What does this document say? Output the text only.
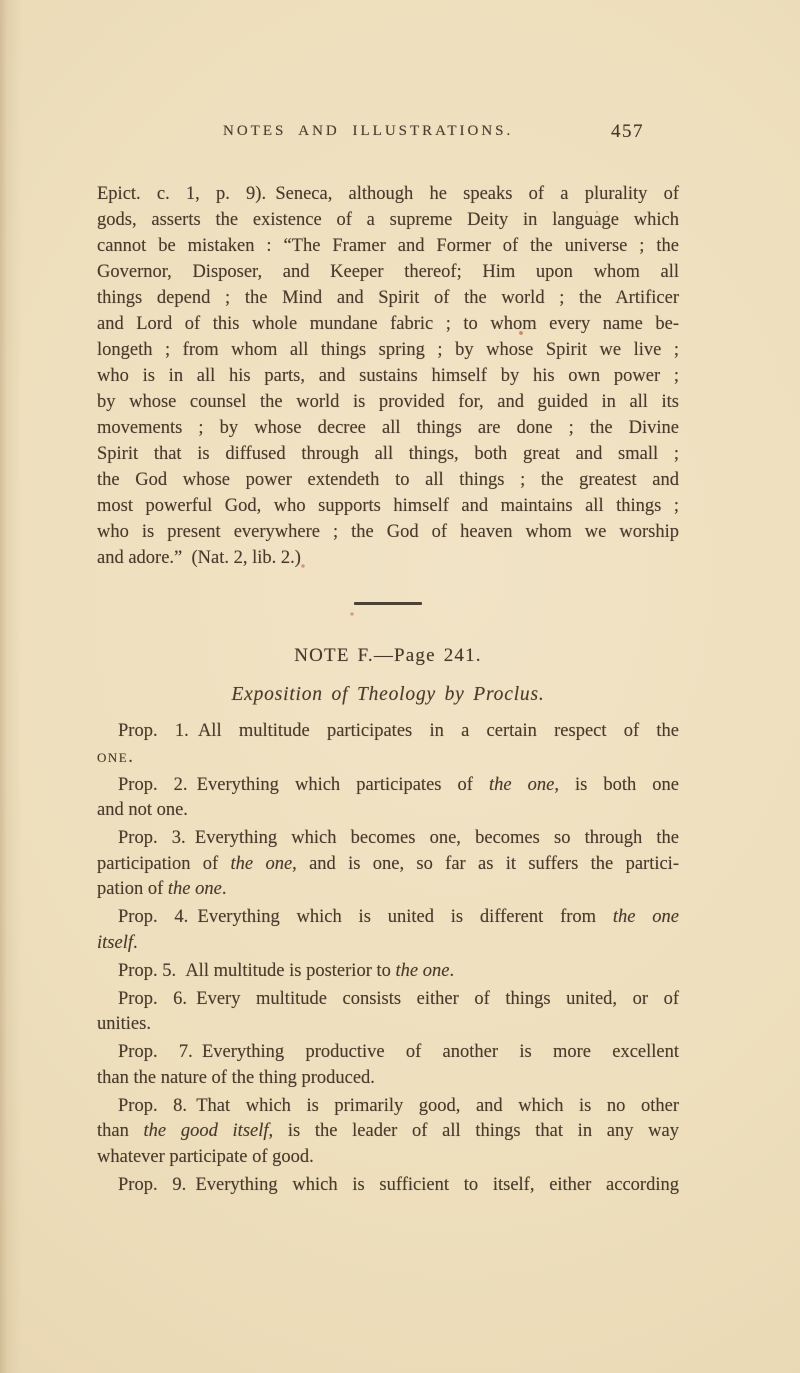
NOTES AND ILLUSTRATIONS.	457
Epict. c. 1, p. 9). Seneca, although he speaks of a plurality of
gods, asserts the existence of a supreme Deity in language which
cannot be mistaken : “The Framer and Former of the universe ; the
Governor, Disposer, and Keeper thereof; Him upon whom all
things depend ; the Mind and Spirit of the world ; the Artificer
and Lord of this whole mundane fabric ; to whom every name be-
longeth ; from whom all things spring ; by whose Spirit we live ;
who is in all his parts, and sustains himself by his own power ;
by whose counsel the world is provided for, and guided in all its
movements ; by whose decree all things are done ; the Divine
Spirit that is diffused through all things, both great and small ;
the God whose power extendeth to all things ; the greatest and
most powerful God, who supports himself and maintains all things ;
who is present everywhere ; the God of heaven whom we worship
and adore.” (Nat. 2, lib. 2.)
NOTE F.—Page 241.
Exposition of Theology by Proclus.
Prop. 1. All multitude participates in a certain respect of the
one.
Prop. 2. Everything which participates of the one, is both one
and not one.
Prop. 3. Everything which becomes one, becomes so through the
participation of the one, and is one, so far as it suffers the partici-
pation of the one.
Prop. 4. Everything which is united is different from the one
itself.
Prop. 5. All multitude is posterior to the one.
Prop. 6. Every multitude consists either of things united, or of
unities.
Prop. 7. Everything productive of another is more excellent
than the nature of the thing produced.
Prop. 8. That which is primarily good, and which is no other
than the good itself, is the leader of all things that in any way
whatever participate of good.
Prop. 9. Everything which is sufficient to itself, either according
